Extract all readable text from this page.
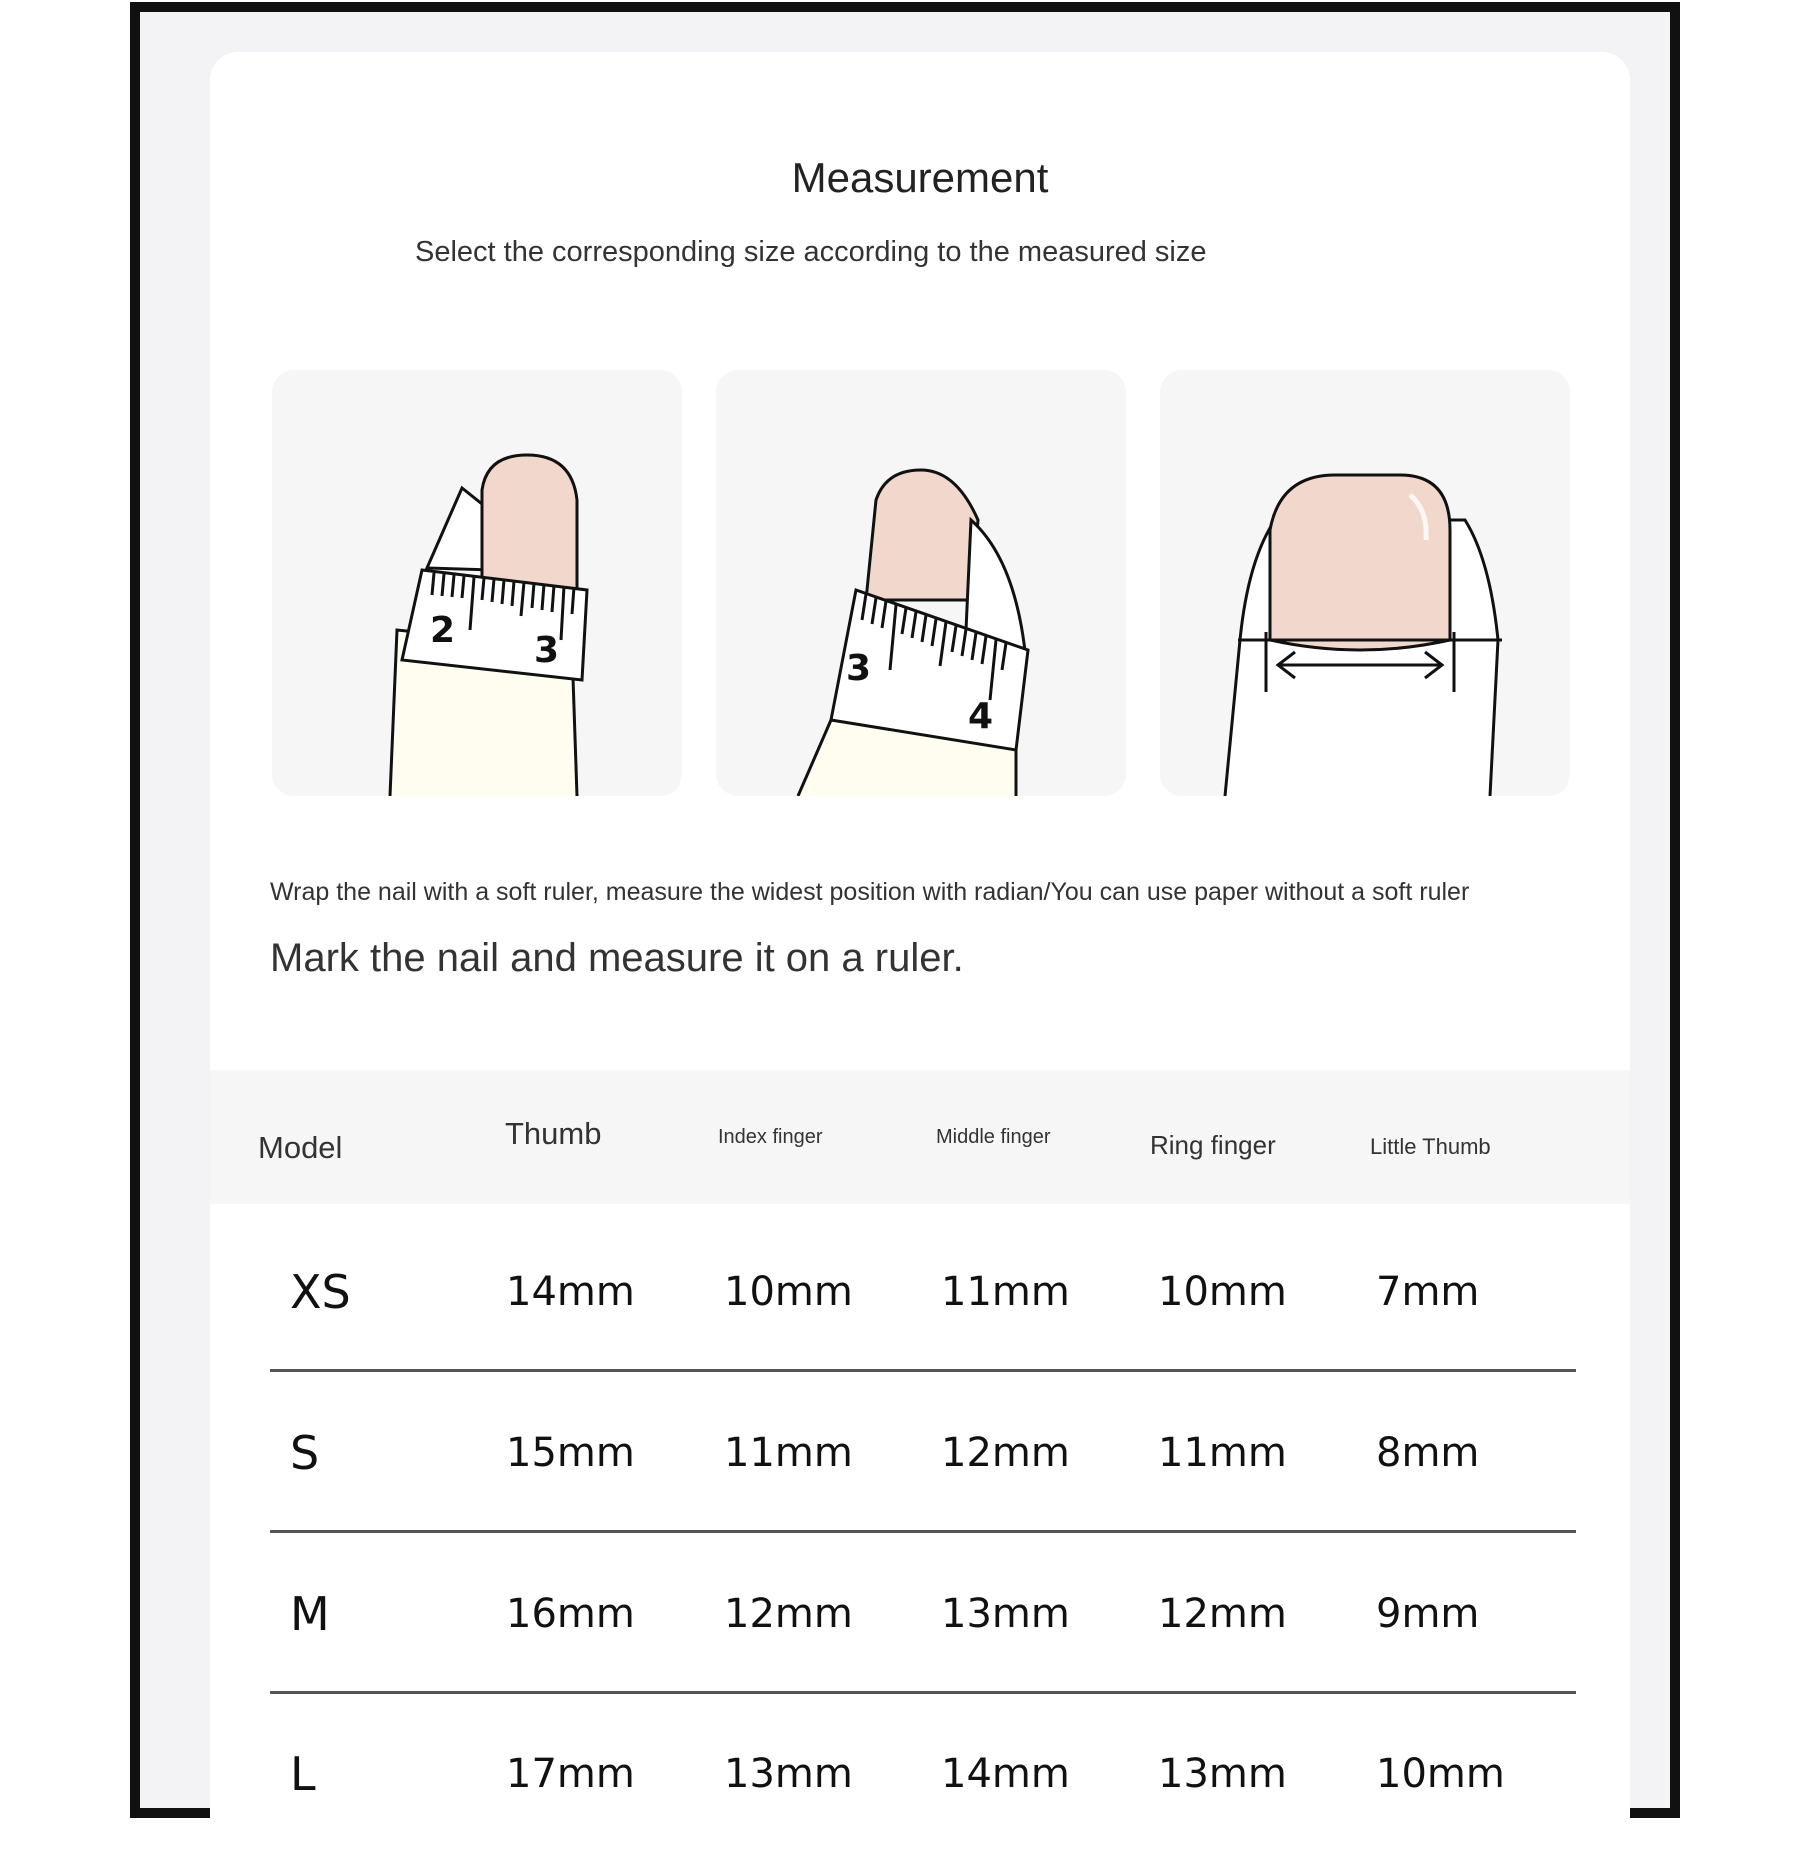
Measurement
Select the corresponding size according to the measured size
2 3	3
4
Wrap the nail with a soft ruler, measure the widest position with radian/You can use paper without a soft ruler
Mark the nail and measure it on a ruler.
Model	Thumb	Index finger	Middle finger	Ring finger	Little Thumb
XS	14mm 10mm 11mm 10mm 7mm
S	15mm 11mm 12mm 11mm 8mm
M	16mm 12mm 13mm 12mm 9mm
L	17mm 13mm 14mm 13mm 10mm
